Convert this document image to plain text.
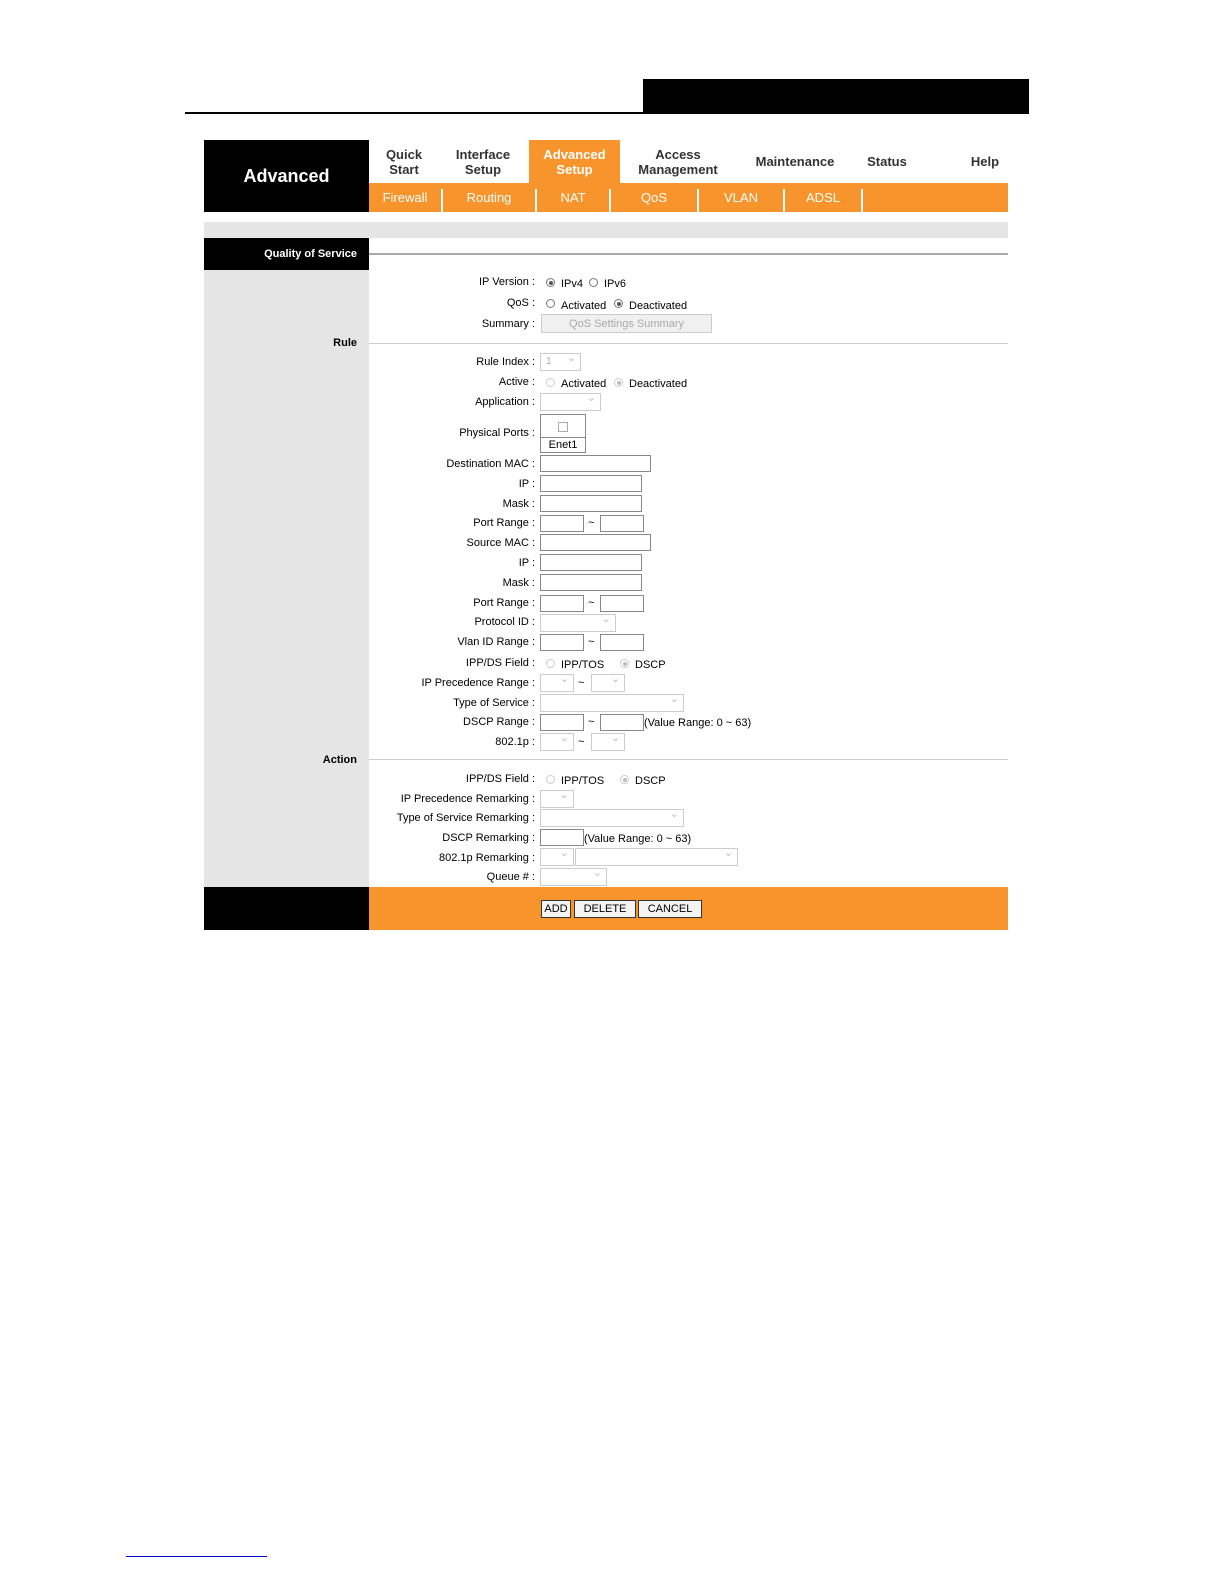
Advanced
Quick
Start
Interface
Setup
Advanced
Setup
Access
Management	Maintenance	Status	Help
Firewall	Routing	NAT	QoS	VLAN	ADSL
Quality of Service
IP Version : IPv4 IPv6
QoS : Activated Deactivated
Summary :	QoS Settings Summary
Rule
Rule Index : 1
⌄
Active : Activated Deactivated
Application :
⌄
Physical Ports :
Enet1
Destination MAC :
IP :
Mask :
Port Range :	~
Source MAC :
IP :
Mask :
Port Range :	~
Protocol ID :
⌄
Vlan ID Range :	~
IPP/DS Field : IPP/TOS	DSCP
IP Precedence Range : ⌄	~
⌄
Type of Service :
⌄
DSCP Range :	~	(Value Range: 0 ~ 63)
802.1p : ⌄	~
⌄
Action
IPP/DS Field : IPP/TOS	DSCP
IP Precedence Remarking :
⌄
Type of Service Remarking :
⌄
DSCP Remarking :	(Value Range: 0 ~ 63)
802.1p Remarking :
⌄
⌄
Queue # :
⌄
ADD	DELETE	CANCEL
